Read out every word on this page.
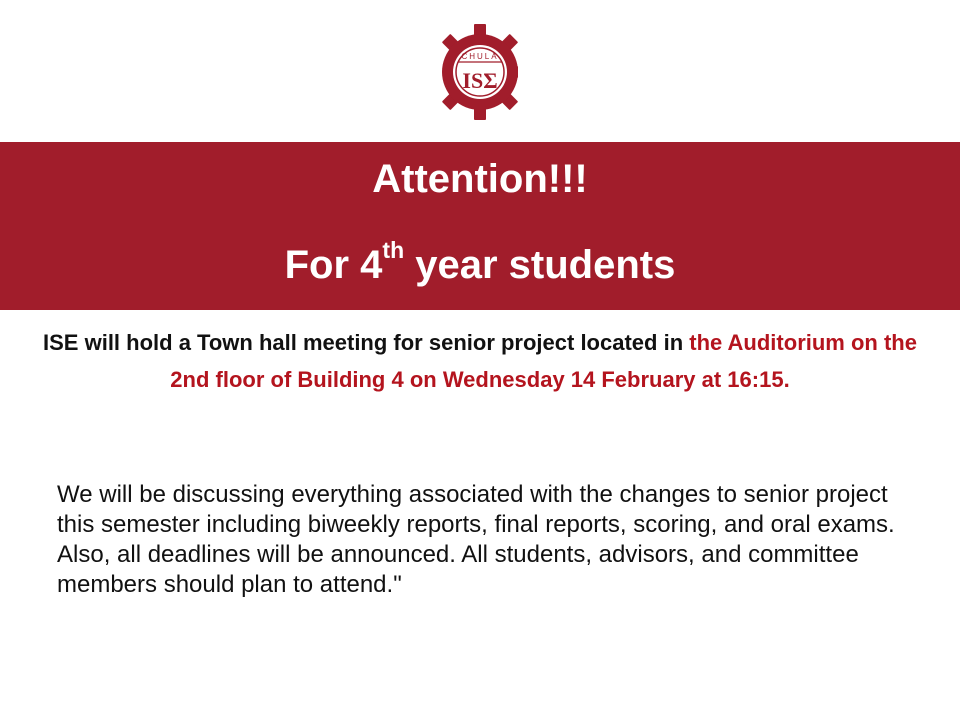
CHULA
ISΣ
Attention!!!
For 4th year students
ISE will hold a Town hall meeting for senior project located in the Auditorium on the 2nd floor of Building 4 on Wednesday 14 February at 16:15.
We will be discussing everything associated with the changes to senior project this semester including biweekly reports, final reports, scoring, and oral exams. Also, all deadlines will be announced. All students, advisors, and committee members should plan to attend."
